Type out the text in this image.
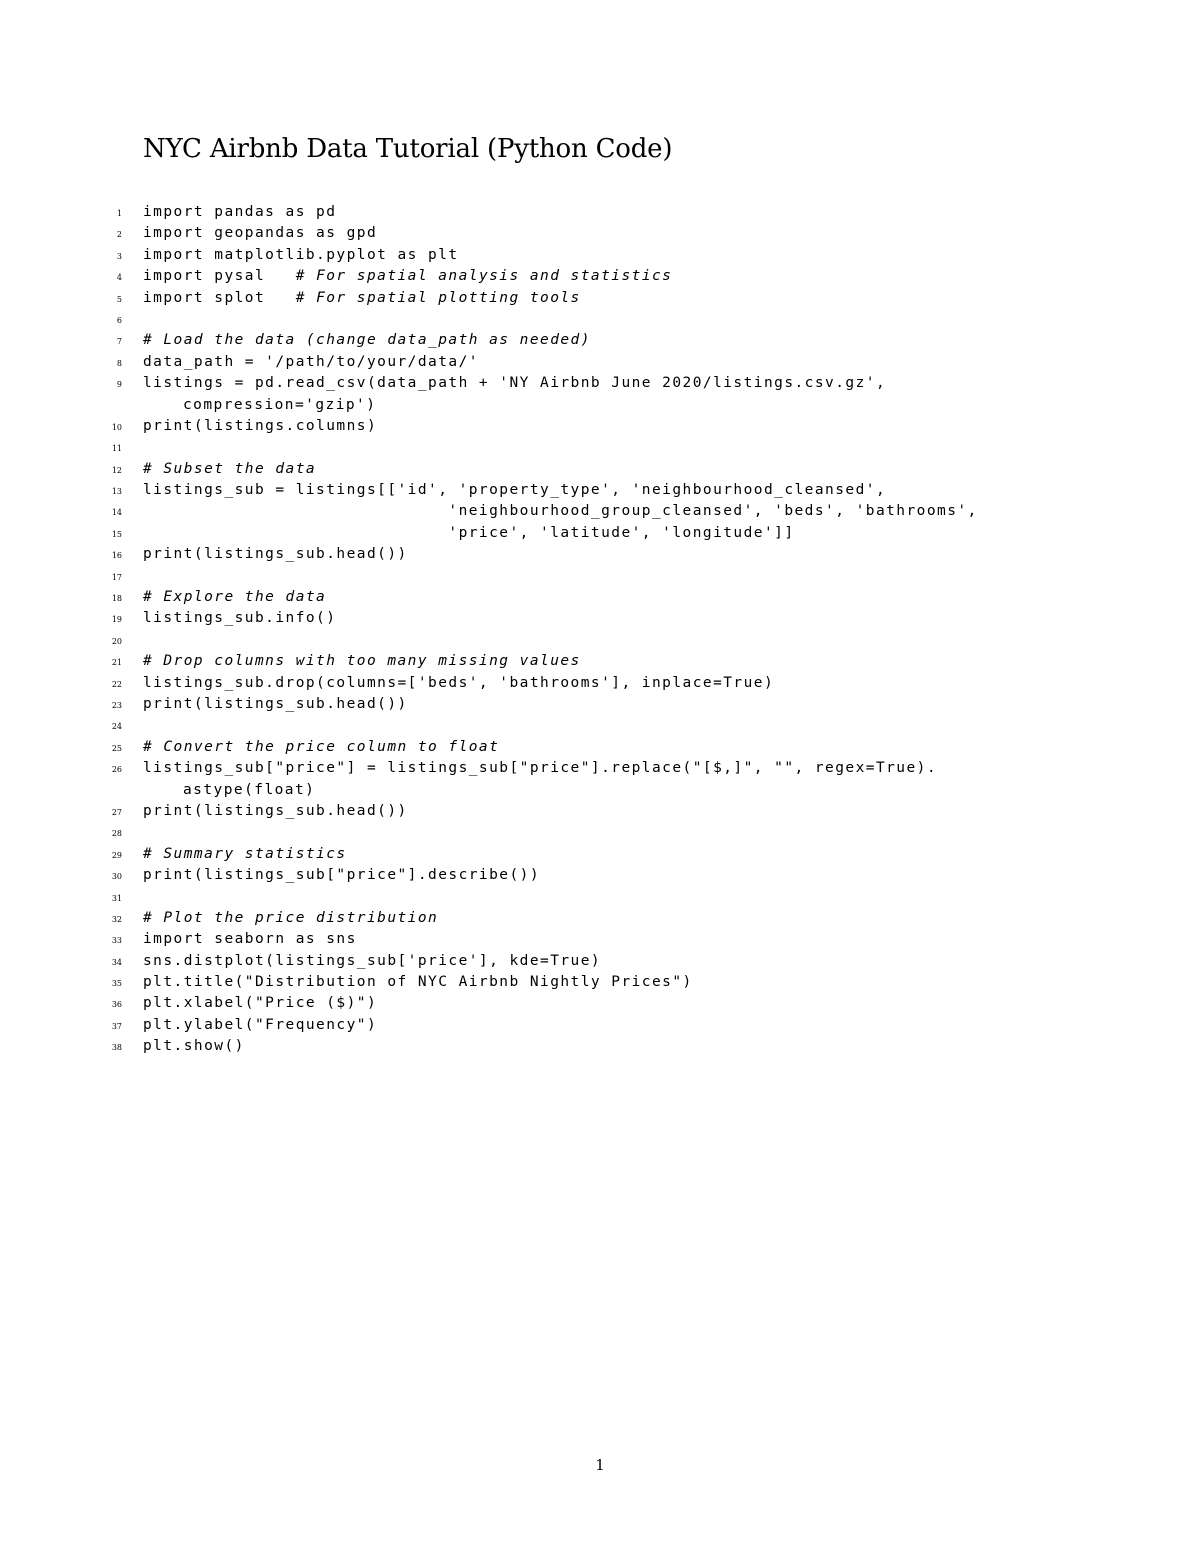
NYC Airbnb Data Tutorial (Python Code)
1 import pandas as pd
2 import geopandas as gpd
3 import matplotlib.pyplot as plt
4 import pysal   # For spatial analysis and statistics
5 import splot   # For spatial plotting tools
6
7 # Load the data (change data_path as needed)
8 data_path = '/path/to/your/data/'
9 listings = pd.read_csv(data_path + 'NY Airbnb June 2020/listings.csv.gz',
compression='gzip')
10 print(listings.columns)
11
12 # Subset the data
13 listings_sub = listings[['id', 'property_type', 'neighbourhood_cleansed',
14 'neighbourhood_group_cleansed', 'beds', 'bathrooms',
15 'price', 'latitude', 'longitude']]
16 print(listings_sub.head())
17
18 # Explore the data
19 listings_sub.info()
20
21 # Drop columns with too many missing values
22 listings_sub.drop(columns=['beds', 'bathrooms'], inplace=True)
23 print(listings_sub.head())
24
25 # Convert the price column to float
26 listings_sub["price"] = listings_sub["price"].replace("[$,]", "", regex=True).
astype(float)
27 print(listings_sub.head())
28
29 # Summary statistics
30 print(listings_sub["price"].describe())
31
32 # Plot the price distribution
33 import seaborn as sns
34 sns.distplot(listings_sub['price'], kde=True)
35 plt.title("Distribution of NYC Airbnb Nightly Prices")
36 plt.xlabel("Price ($)")
37 plt.ylabel("Frequency")
38 plt.show()
1
